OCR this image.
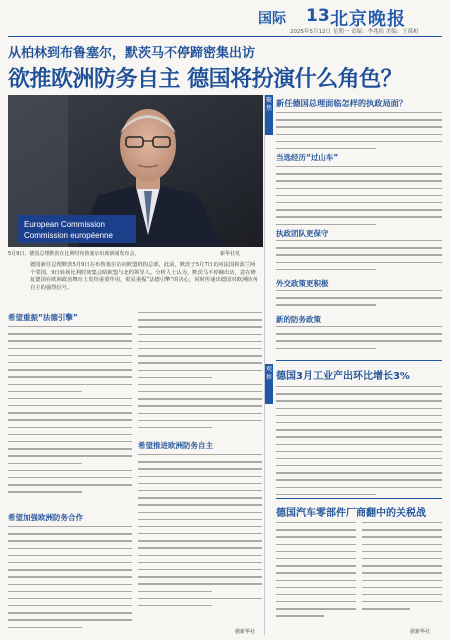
国际 13 北京晚报
2025年5月12日 星期一 责编：李兆佑 美编：王葆桓
从柏林到布鲁塞尔，默茨马不停蹄密集出访
欲推欧洲防务自主 德国将扮演什么角色？
European Commission
Commission européenne
5月9日，德国总理默茨在比利时布鲁塞尔出席新闻发布会。	新华社发
德国新任总理默茨5月9日在布鲁塞尔访问欧盟机构总部，此前，默茨于5月7日访问法国和波兰两个邻国，9日转场比利时密集会晤欧盟与北约领导人。分析人士认为，默茨马不停蹄出访，意在修复德国在欧洲政治舞台上发挥重要作用，彰显重振“法德引擎”的决心，同时传递出德国对欧洲防务自主的强烈信号。
希望重振“法德引擎”
希望加强欧洲防务合作
希望推进欧洲防务自主
据新华社
聚焦
新任德国总理面临怎样的执政局面？
当选经历“过山车”
执政团队更保守
外交政策更积极
新的防务政策
观察 德国3月工业产出环比增长3%
德国汽车零部件厂商翻中的关税战
据新华社
